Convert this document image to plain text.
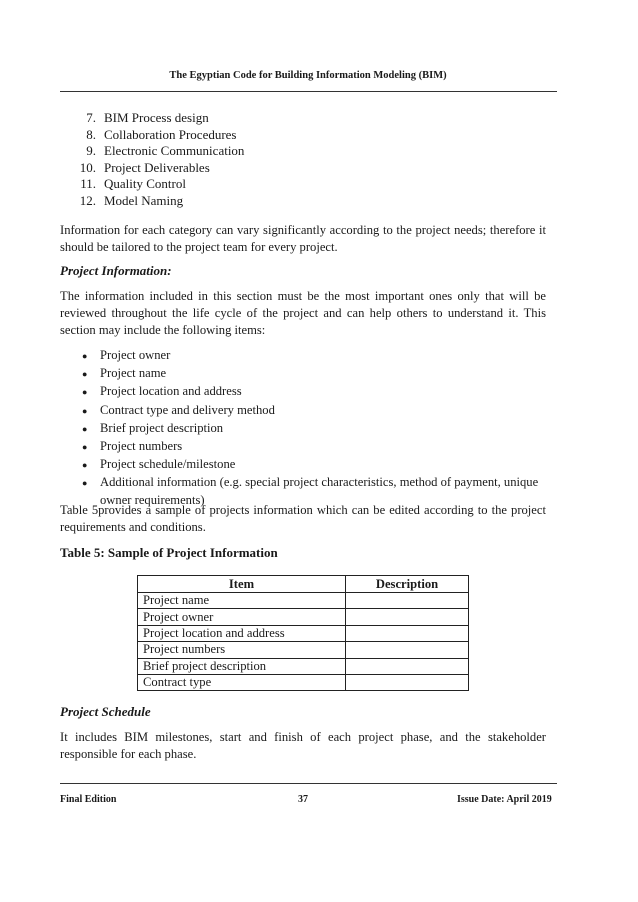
The Egyptian Code for Building Information Modeling (BIM)
7. BIM Process design
8. Collaboration Procedures
9. Electronic Communication
10. Project Deliverables
11. Quality Control
12. Model Naming
Information for each category can vary significantly according to the project needs; therefore it should be tailored to the project team for every project.
Project Information:
The information included in this section must be the most important ones only that will be reviewed throughout the life cycle of the project and can help others to understand it. This section may include the following items:
● Project owner
● Project name
● Project location and address
● Contract type and delivery method
● Brief project description
● Project numbers
● Project schedule/milestone
● Additional information (e.g. special project characteristics, method of payment, unique owner requirements)
Table 5provides a sample of projects information which can be edited according to the project requirements and conditions.
Table 5: Sample of Project Information
Item	Description
Project name	
Project owner	
Project location and address	
Project numbers	
Brief project description	
Contract type	
Project Schedule
It includes BIM milestones, start and finish of each project phase, and the stakeholder responsible for each phase.
Final Edition	37	Issue Date: April 2019
